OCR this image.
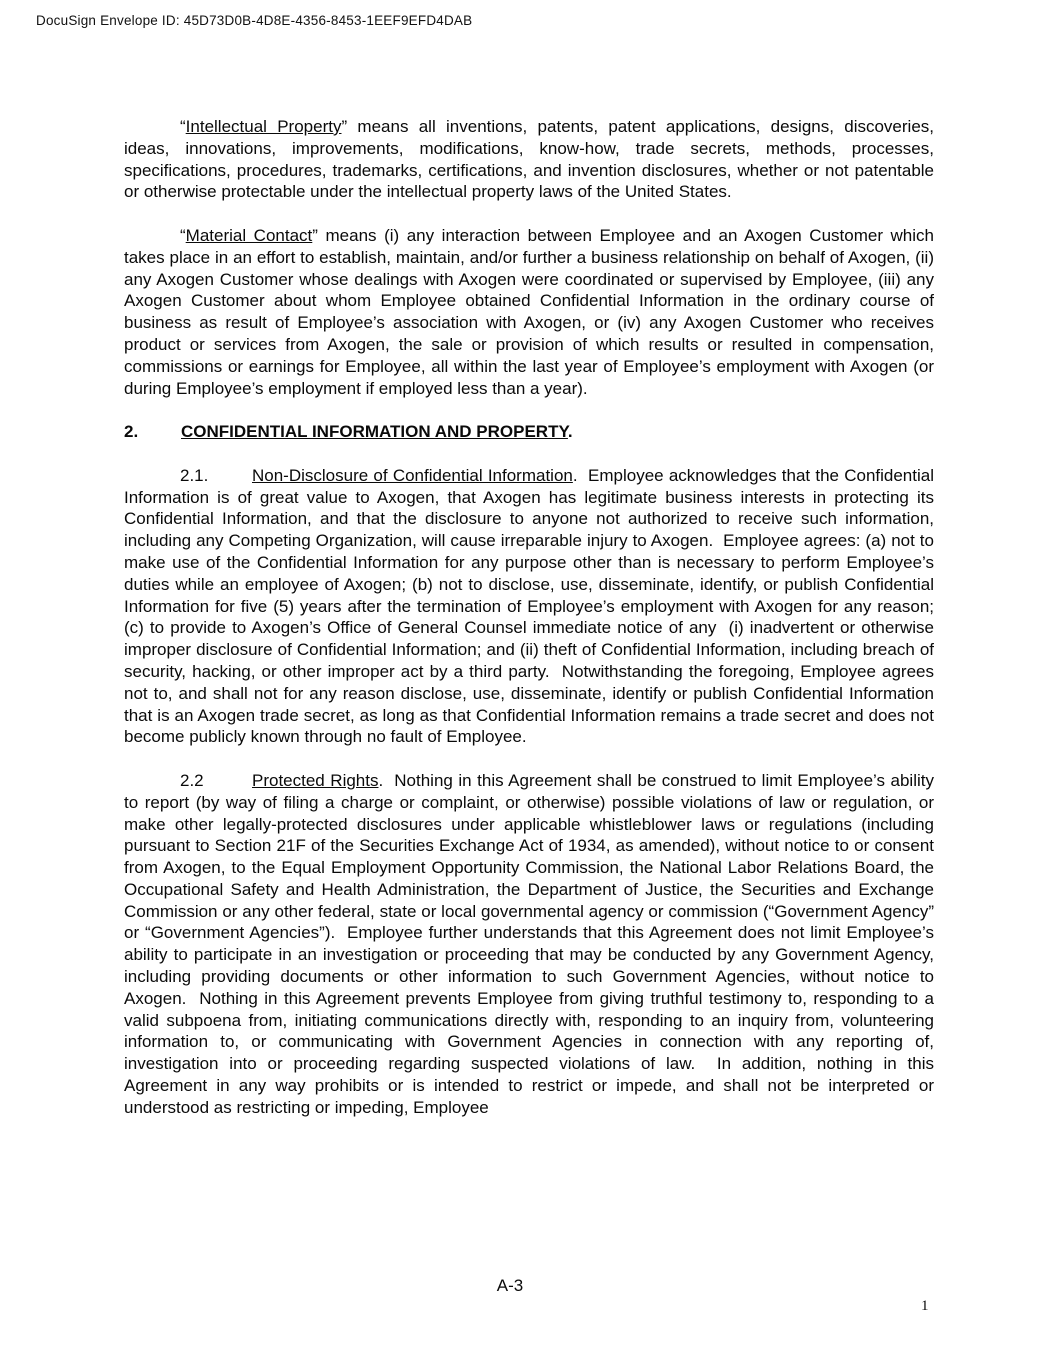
DocuSign Envelope ID: 45D73D0B-4D8E-4356-8453-1EEF9EFD4DAB

“Intellectual Property” means all inventions, patents, patent applications, designs, discoveries, ideas, innovations, improvements, modifications, know-how, trade secrets, methods, processes, specifications, procedures, trademarks, certifications, and invention disclosures, whether or not patentable or otherwise protectable under the intellectual property laws of the United States.

“Material Contact” means (i) any interaction between Employee and an Axogen Customer which takes place in an effort to establish, maintain, and/or further a business relationship on behalf of Axogen, (ii) any Axogen Customer whose dealings with Axogen were coordinated or supervised by Employee, (iii) any Axogen Customer about whom Employee obtained Confidential Information in the ordinary course of business as result of Employee’s association with Axogen, or (iv) any Axogen Customer who receives product or services from Axogen, the sale or provision of which results or resulted in compensation, commissions or earnings for Employee, all within the last year of Employee’s employment with Axogen (or during Employee’s employment if employed less than a year).

2.	CONFIDENTIAL INFORMATION AND PROPERTY.

2.1.	Non-Disclosure of Confidential Information.  Employee acknowledges that the Confidential Information is of great value to Axogen, that Axogen has legitimate business interests in protecting its Confidential Information, and that the disclosure to anyone not authorized to receive such information, including any Competing Organization, will cause irreparable injury to Axogen.  Employee agrees: (a) not to make use of the Confidential Information for any purpose other than is necessary to perform Employee’s duties while an employee of Axogen; (b) not to disclose, use, disseminate, identify, or publish Confidential Information for five (5) years after the termination of Employee’s employment with Axogen for any reason; (c) to provide to Axogen’s Office of General Counsel immediate notice of any  (i) inadvertent or otherwise improper disclosure of Confidential Information; and (ii) theft of Confidential Information, including breach of security, hacking, or other improper act by a third party.  Notwithstanding the foregoing, Employee agrees not to, and shall not for any reason disclose, use, disseminate, identify or publish Confidential Information that is an Axogen trade secret, as long as that Confidential Information remains a trade secret and does not become publicly known through no fault of Employee.

2.2	Protected Rights.  Nothing in this Agreement shall be construed to limit Employee’s ability to report (by way of filing a charge or complaint, or otherwise) possible violations of law or regulation, or make other legally-protected disclosures under applicable whistleblower laws or regulations (including pursuant to Section 21F of the Securities Exchange Act of 1934, as amended), without notice to or consent from Axogen, to the Equal Employment Opportunity Commission, the National Labor Relations Board, the Occupational Safety and Health Administration, the Department of Justice, the Securities and Exchange Commission or any other federal, state or local governmental agency or commission (“Government Agency” or “Government Agencies”).  Employee further understands that this Agreement does not limit Employee’s ability to participate in an investigation or proceeding that may be conducted by any Government Agency, including providing documents or other information to such Government Agencies, without notice to Axogen.  Nothing in this Agreement prevents Employee from giving truthful testimony to, responding to a valid subpoena from, initiating communications directly with, responding to an inquiry from, volunteering information to, or communicating with Government Agencies in connection with any reporting of, investigation into or proceeding regarding suspected violations of law.  In addition, nothing in this Agreement in any way prohibits or is intended to restrict or impede, and shall not be interpreted or understood as restricting or impeding, Employee

A-3
1
